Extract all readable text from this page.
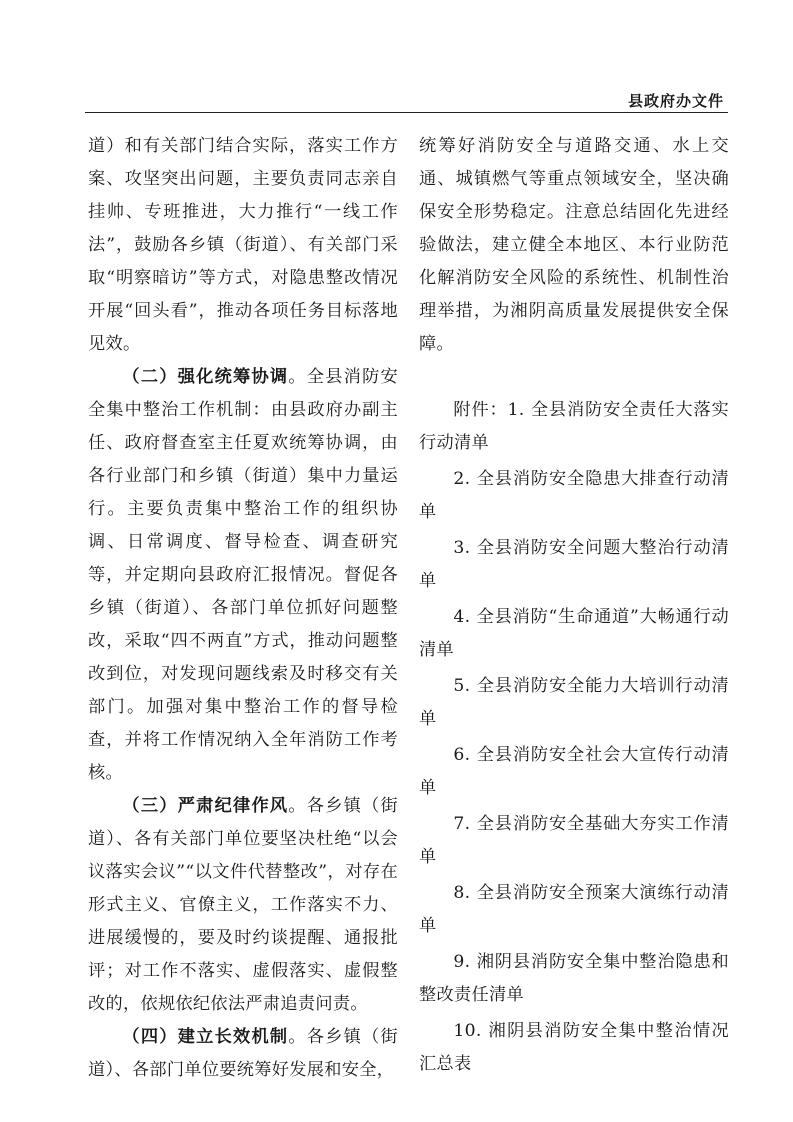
县政府办文件

道）和有关部门结合实际，落实工作方案、攻坚突出问题，主要负责同志亲自挂帅、专班推进，大力推行“一线工作法”，鼓励各乡镇（街道）、有关部门采取“明察暗访”等方式，对隐患整改情况开展“回头看”，推动各项任务目标落地见效。

（二）强化统筹协调。全县消防安全集中整治工作机制：由县政府办副主任、政府督查室主任夏欢统筹协调，由各行业部门和乡镇（街道）集中力量运行。主要负责集中整治工作的组织协调、日常调度、督导检查、调查研究等，并定期向县政府汇报情况。督促各乡镇（街道）、各部门单位抓好问题整改，采取“四不两直”方式，推动问题整改到位，对发现问题线索及时移交有关部门。加强对集中整治工作的督导检查，并将工作情况纳入全年消防工作考核。

（三）严肃纪律作风。各乡镇（街道）、各有关部门单位要坚决杜绝“以会议落实会议”“以文件代替整改”，对存在形式主义、官僚主义，工作落实不力、进展缓慢的，要及时约谈提醒、通报批评；对工作不落实、虚假落实、虚假整改的，依规依纪依法严肃追责问责。

（四）建立长效机制。各乡镇（街道）、各部门单位要统筹好发展和安全，

统筹好消防安全与道路交通、水上交通、城镇燃气等重点领域安全，坚决确保安全形势稳定。注意总结固化先进经验做法，建立健全本地区、本行业防范化解消防安全风险的系统性、机制性治理举措，为湘阴高质量发展提供安全保障。

附件：1. 全县消防安全责任大落实行动清单

2. 全县消防安全隐患大排查行动清单

3. 全县消防安全问题大整治行动清单

4. 全县消防“生命通道”大畅通行动清单

5. 全县消防安全能力大培训行动清单

6. 全县消防安全社会大宣传行动清单

7. 全县消防安全基础大夯实工作清单

8. 全县消防安全预案大演练行动清单

9. 湘阴县消防安全集中整治隐患和整改责任清单

10. 湘阴县消防安全集中整治情况汇总表
